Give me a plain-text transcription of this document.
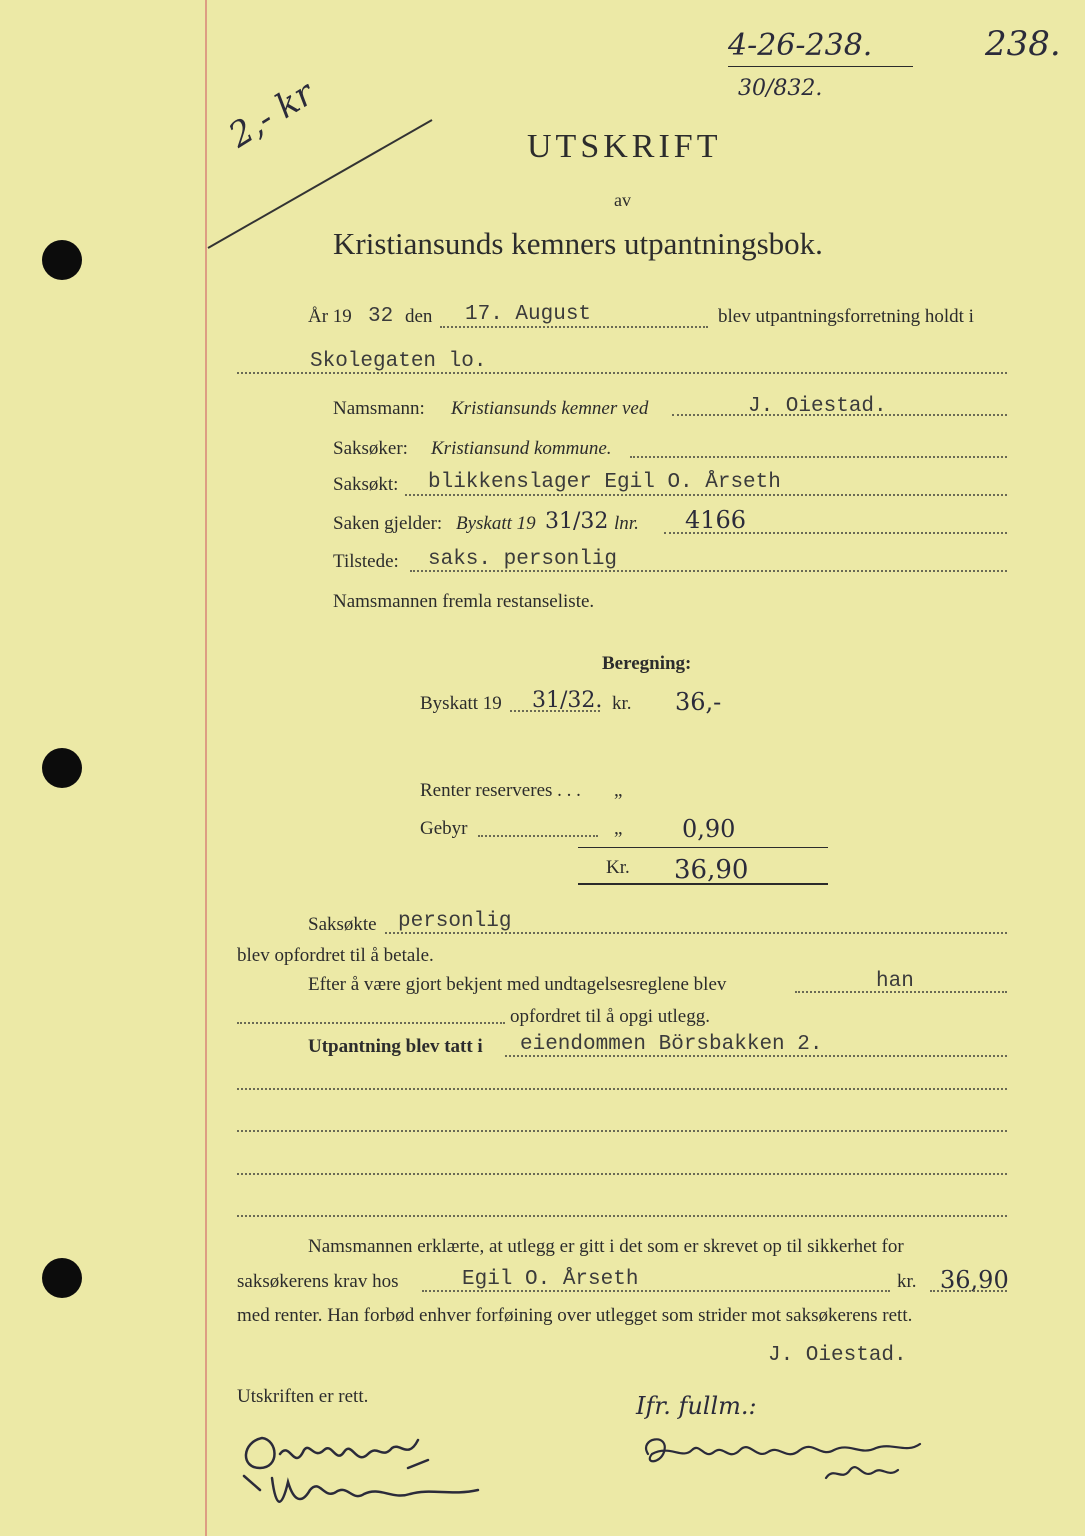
4-26-238.
30/832.
238.
2,- kr	UTSKRIFT
av
Kristiansunds kemners utpantningsbok.
År 19 32 den 17. August	blev utpantningsforretning holdt i
Skolegaten lo.
Namsmann: Kristiansunds kemner ved	J. Oiestad.
Saksøker: Kristiansund kommune.
Saksøkt: blikkenslager Egil O. Årseth
Saken gjelder: Byskatt 19 31/32 lnr. 4166
Tilstede: saks. personlig
Namsmannen fremla restanseliste.
Beregning:
Byskatt 19 31/32. kr. 36,-
Renter reserveres . . . „
Gebyr	„ 0,90
Kr. 36,90
Saksøkte personlig
blev opfordret til å betale.
Efter å være gjort bekjent med undtagelsesreglene blev	han
opfordret til å opgi utlegg.
Utpantning blev tatt i eiendommen Börsbakken 2.
Namsmannen erklærte, at utlegg er gitt i det som er skrevet op til sikkerhet for
saksøkerens krav hos	Egil O. Årseth	kr. 36,90
med renter. Han forbød enhver forføining over utlegget som strider mot saksøkerens rett.
J. Oiestad.
Utskriften er rett.	Ifr. fullm.:
